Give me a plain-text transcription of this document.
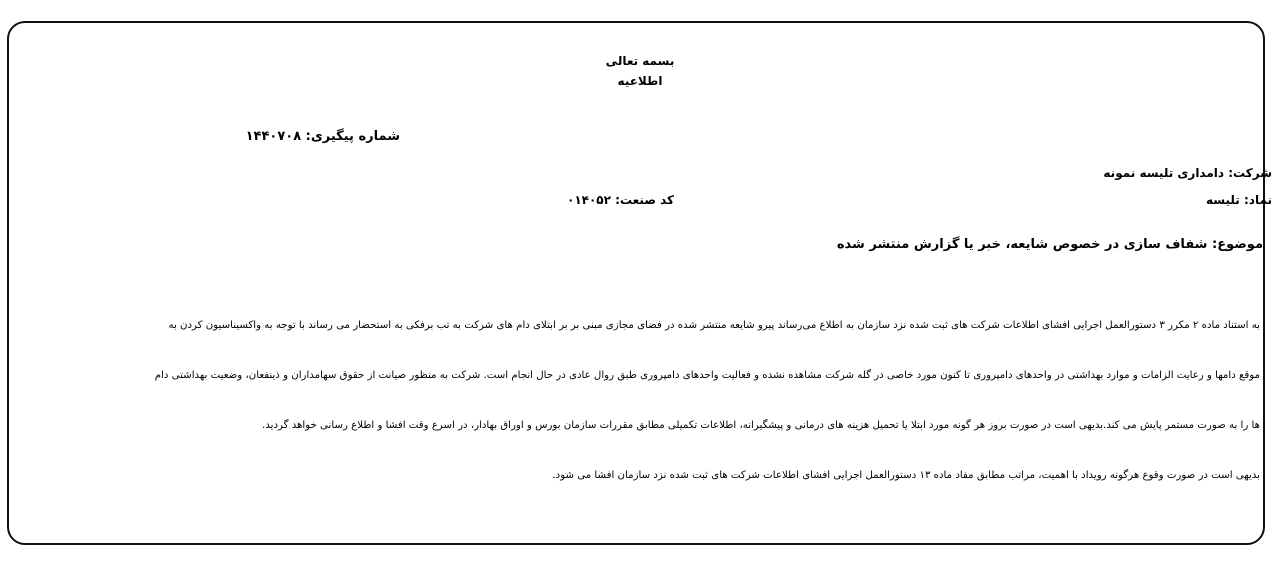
بسمه تعالی
اطلاعیه
شماره پیگیری: ۱۴۴۰۷۰۸
شرکت: دامداری تلیسه نمونه
نماد: تلیسه
کد صنعت: ۰۱۴۰۵۲
موضوع: شفاف سازی در خصوص شایعه، خبر یا گزارش منتشر شده
به استناد ماده ۲ مکرر ۳ دستورالعمل اجرایی افشای اطلاعات شرکت های ثبت شده نزد سازمان به اطلاع می‌رساند پیرو شایعه منتشر شده در فضای مجازی مبنی بر بر ابتلای دام های شرکت به تب برفکی به استحضار می رساند با توجه به واکسیناسیون کردن به
موقع دامها و رعایت الزامات و موارد بهداشتی در واحدهای دامپروری تا کنون مورد خاصی در گله شرکت مشاهده نشده و فعالیت واحدهای دامپروری طبق روال عادی در حال انجام است. شرکت به منظور صیانت از حقوق سهامداران و ذینفعان، وضعیت بهداشتی دام
ها را به صورت مستمر پایش می کند.بدیهی است در صورت بروز هر گونه مورد ابتلا یا تحمیل هزینه های درمانی و پیشگیرانه، اطلاعات تکمیلی مطابق مقررات سازمان بورس و اوراق بهادار، در اسرع وقت افشا و اطلاع رسانی خواهد گردید.
بدیهی است در صورت وقوع هرگونه رویداد با اهمیت، مراتب مطابق مفاد ماده ۱۳ دستورالعمل اجرایی افشای اطلاعات شرکت های ثبت شده نزد سازمان افشا می شود.
